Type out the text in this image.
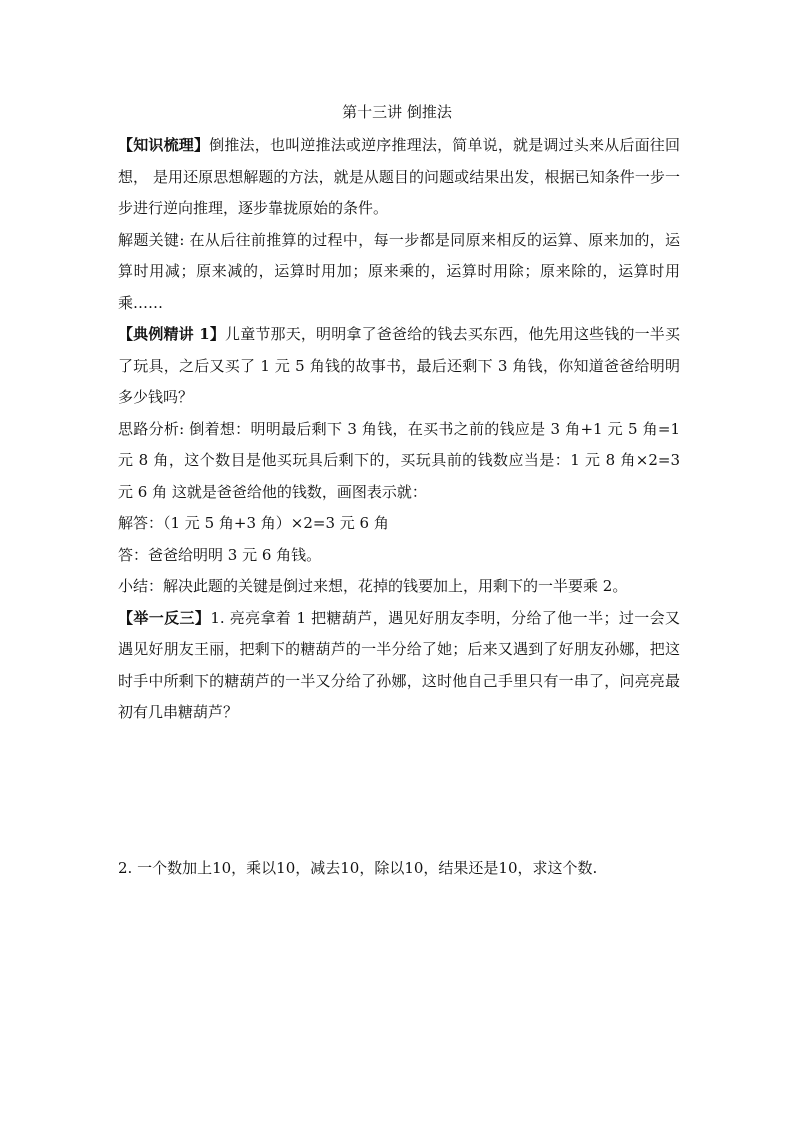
第十三讲 倒推法

【知识梳理】倒推法，也叫逆推法或逆序推理法，简单说，就是调过头来从后面往回想， 是用还原思想解题的方法，就是从题目的问题或结果出发，根据已知条件一步一步进行逆向推理，逐步靠拢原始的条件。

解题关键: 在从后往前推算的过程中，每一步都是同原来相反的运算、原来加的，运算时用减；原来减的，运算时用加；原来乘的，运算时用除；原来除的，运算时用乘……

【典例精讲 1】儿童节那天，明明拿了爸爸给的钱去买东西，他先用这些钱的一半买了玩具，之后又买了 1 元 5 角钱的故事书，最后还剩下 3 角钱，你知道爸爸给明明多少钱吗？

思路分析: 倒着想：明明最后剩下 3 角钱，在买书之前的钱应是 3 角+1 元 5 角=1 元 8 角，这个数目是他买玩具后剩下的，买玩具前的钱数应当是：1 元 8 角×2=3 元 6 角 这就是爸爸给他的钱数，画图表示就：

解答：（1 元 5 角+3 角）×2=3 元 6 角

答：爸爸给明明 3 元 6 角钱。

小结：解决此题的关键是倒过来想，花掉的钱要加上，用剩下的一半要乘 2。

【举一反三】1. 亮亮拿着 1 把糖葫芦，遇见好朋友李明，分给了他一半；过一会又遇见好朋友王丽，把剩下的糖葫芦的一半分给了她；后来又遇到了好朋友孙娜，把这时手中所剩下的糖葫芦的一半又分给了孙娜，这时他自己手里只有一串了，问亮亮最初有几串糖葫芦？

2. 一个数加上10，乘以10，减去10，除以10，结果还是10，求这个数.
